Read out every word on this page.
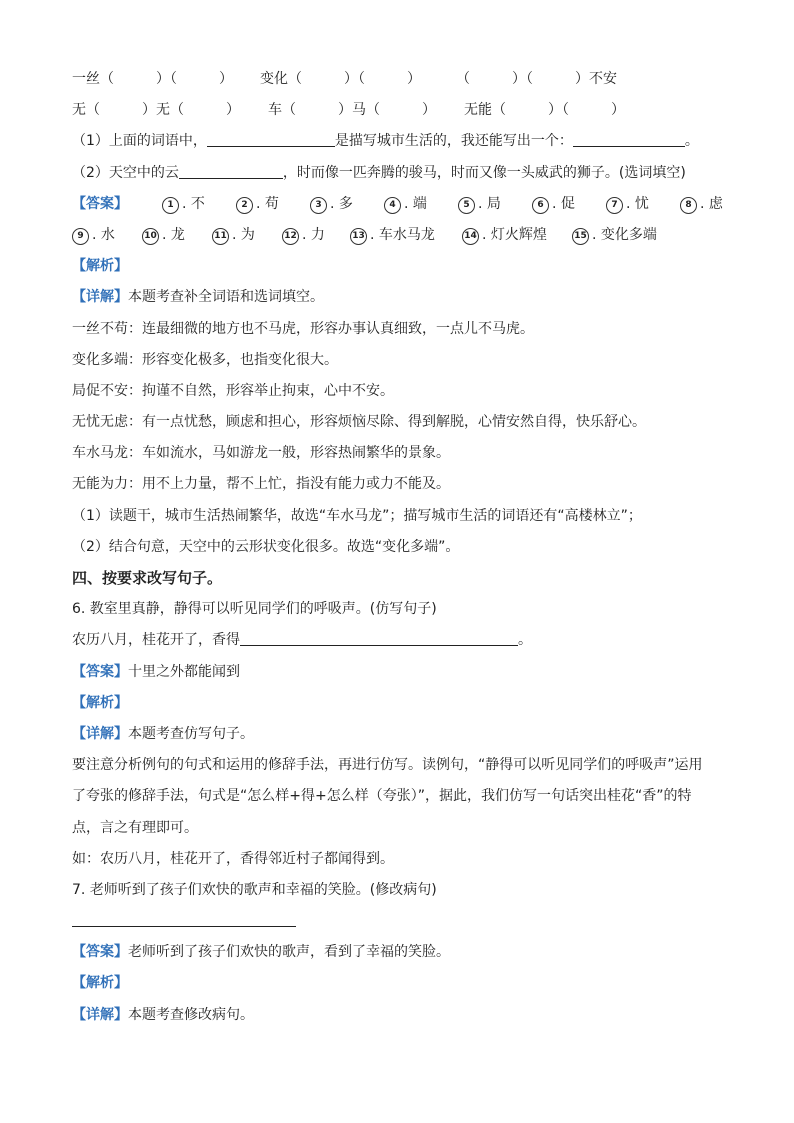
一丝（　　　）（　　　） 变化（　　　）（　　　）	（　　　）（　　　）不安
无（　　　）无（　　　） 车（　　　）马（　　　） 无能（　　　）（　　　）
（1）上面的词语中，	是描写城市生活的，我还能写出一个：	。
（2）天空中的云	，时而像一匹奔腾的骏马，时而又像一头威武的狮子。(选词填空)
【答案】	1 . 不	2 . 苟	3 . 多	4 . 端	5 . 局	6 . 促	7 . 忧	8 . 虑
9 . 水	10 . 龙	11 . 为	12 . 力	13 . 车水马龙	14 . 灯火辉煌	15 . 变化多端
【解析】
【详解】本题考查补全词语和选词填空。
一丝不苟：连最细微的地方也不马虎，形容办事认真细致，一点儿不马虎。
变化多端：形容变化极多，也指变化很大。
局促不安：拘谨不自然，形容举止拘束，心中不安。
无忧无虑：有一点忧愁，顾虑和担心，形容烦恼尽除、得到解脱，心情安然自得，快乐舒心。
车水马龙：车如流水，马如游龙一般，形容热闹繁华的景象。
无能为力：用不上力量，帮不上忙，指没有能力或力不能及。
（1）读题干，城市生活热闹繁华，故选“车水马龙”；描写城市生活的词语还有“高楼林立”；
（2）结合句意，天空中的云形状变化很多。故选“变化多端”。
四、按要求改写句子。
6. 教室里真静，静得可以听见同学们的呼吸声。(仿写句子)
农历八月，桂花开了，香得	。
【答案】十里之外都能闻到
【解析】
【详解】本题考查仿写句子。
要注意分析例句的句式和运用的修辞手法，再进行仿写。读例句，“静得可以听见同学们的呼吸声”运用
了夸张的修辞手法，句式是“怎么样+得+怎么样（夸张）”，据此，我们仿写一句话突出桂花“香”的特
点，言之有理即可。
如：农历八月，桂花开了，香得邻近村子都闻得到。
7. 老师听到了孩子们欢快的歌声和幸福的笑脸。(修改病句)
【答案】老师听到了孩子们欢快的歌声，看到了幸福的笑脸。
【解析】
【详解】本题考查修改病句。
